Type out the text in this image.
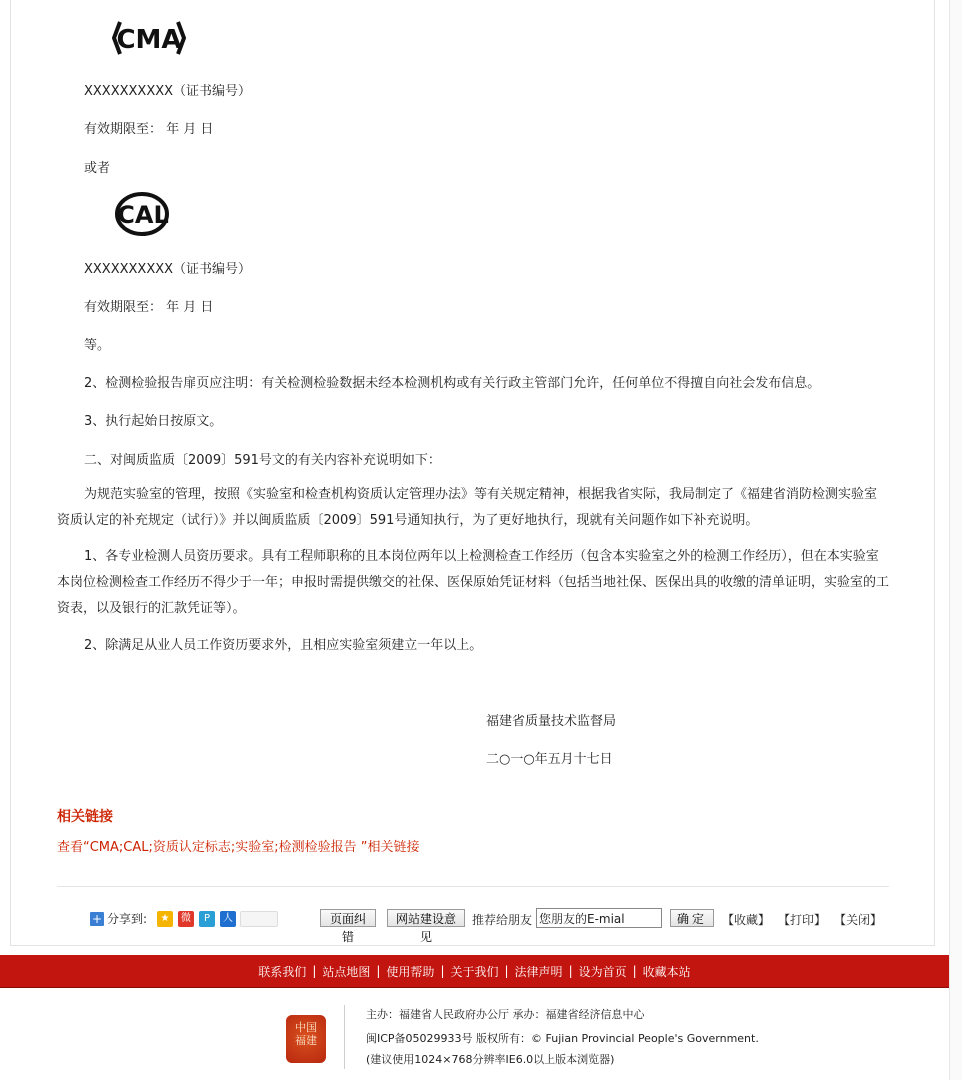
CMA

XXXXXXXXXX（证书编号）

有效期限至： 年 月 日

或者

CAL

XXXXXXXXXX（证书编号）

有效期限至： 年 月 日

等。

2、检测检验报告扉页应注明：有关检测检验数据未经本检测机构或有关行政主管部门允许，任何单位不得擅自向社会发布信息。

3、执行起始日按原文。

二、对闽质监质〔2009〕591号文的有关内容补充说明如下：

为规范实验室的管理，按照《实验室和检查机构资质认定管理办法》等有关规定精神，根据我省实际，我局制定了《福建省消防检测实验室资质认定的补充规定（试行）》并以闽质监质〔2009〕591号通知执行，为了更好地执行，现就有关问题作如下补充说明。

1、各专业检测人员资历要求。具有工程师职称的且本岗位两年以上检测检查工作经历（包含本实验室之外的检测工作经历），但在本实验室本岗位检测检查工作经历不得少于一年；申报时需提供缴交的社保、医保原始凭证材料（包括当地社保、医保出具的收缴的清单证明，实验室的工资表，以及银行的汇款凭证等）。

2、除满足从业人员工作资历要求外，且相应实验室须建立一年以上。

福建省质量技术监督局

二○一○年五月十七日

相关链接
查看“CMA;CAL;资质认定标志;实验室;检测检验报告 ”相关链接
+ 分享到:	★	微	P	人	页面纠错
网站建设意见
推荐给朋友
您朋友的E-mial	确定	【收藏】 【打印】 【关闭】
联系我们 | 站点地图 | 使用帮助 | 关于我们 | 法律声明 | 设为首页 | 收藏本站
中国福建
主办：福建省人民政府办公厅 承办：福建省经济信息中心
闽ICP备05029933号 版权所有：© Fujian Provincial People's Government.
(建议使用1024×768分辨率IE6.0以上版本浏览器)
